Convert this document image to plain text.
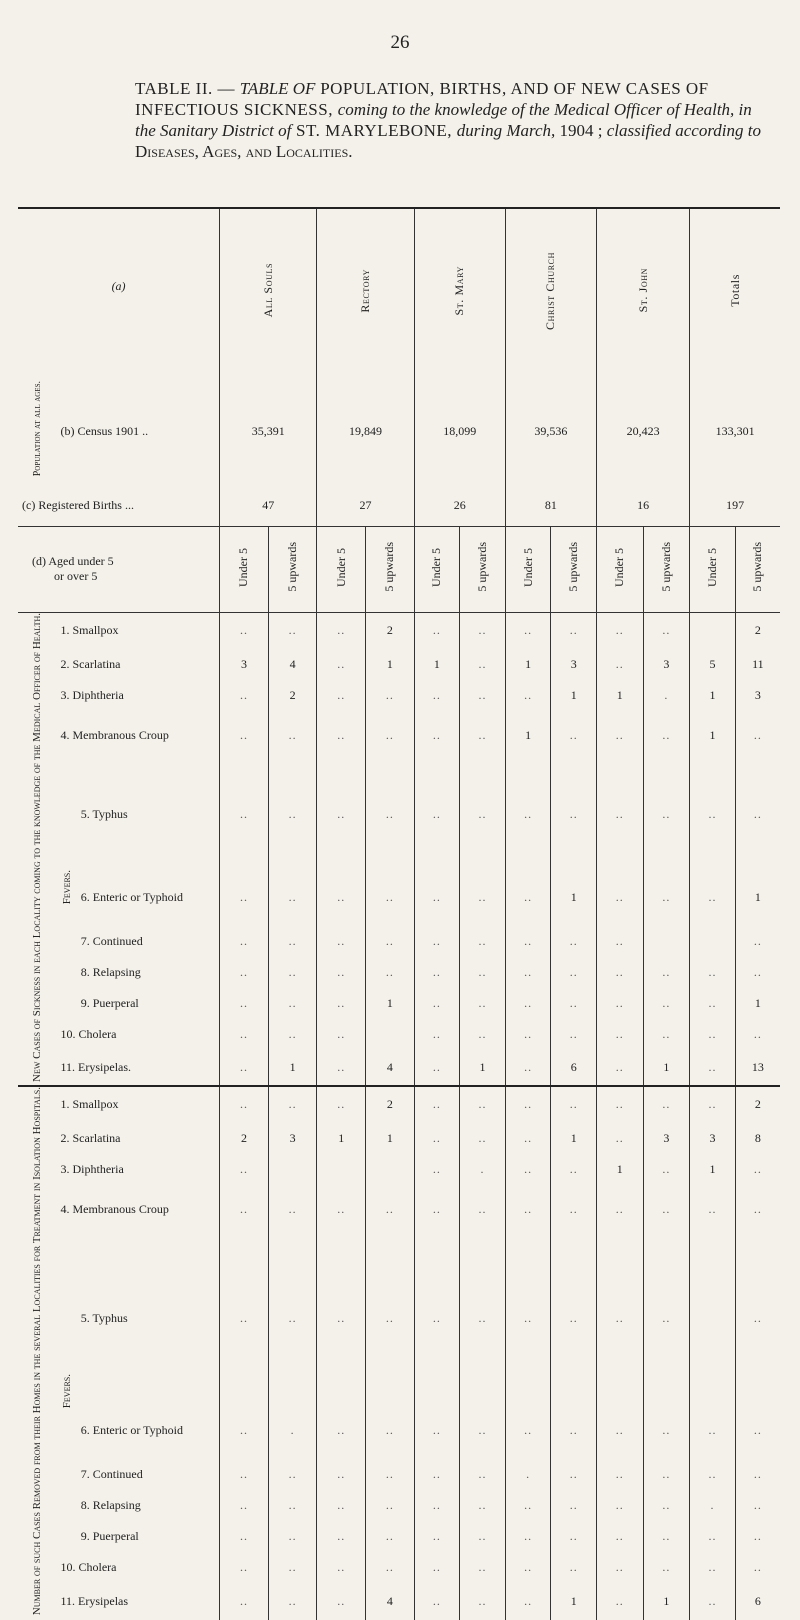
26
TABLE II. — TABLE OF POPULATION, BIRTHS, AND OF NEW CASES OF INFECTIOUS SICKNESS, coming to the knowledge of the Medical Officer of Health, in the Sanitary District of ST. MARYLEBONE, during March, 1904 ; classified according to Diseases, Ages, and Localities.
(a)			All Souls		Rectory		St. Mary		Christ Church		St. John		Totals	
Population at all ages.	(b) Census 1901 ..		35,391		19,849		18,099		39,536		20,423		133,301	
(c) Registered Births ...			47		27		26		81		16		197	

(d) Aged under 5
or over 5			Under 5	5 upwards	Under 5	5 upwards	Under 5	5 upwards	Under 5	5 upwards	Under 5	5 upwards	Under 5	5 upwards
New Cases of Sickness in each Locality coming to the knowledge of the Medical Officer of Health.	1. Smallpox		..	..	..	2	..	..	..	..	..	..		2
	2. Scarlatina		3	4	..	1	1	..	1	3	..	3	5	11
	3. Diphtheria		..	2	..	..	..	..	..	1	1	.	1	3
	4. Membranous Croup		..	..	..	..	..	..	1	..	..	..	1	..
	Fevers.	5. Typhus	..	..	..	..	..	..	..	..	..	..	..	..
		6. Enteric or Typhoid	..	..	..	..	..	..	..	1	..	..	..	1
		7. Continued	..	..	..	..	..	..	..	..	..			..
		8. Relapsing	..	..	..	..	..	..	..	..	..	..	..	..
		9. Puerperal	..	..	..	1	..	..	..	..	..	..	..	1
	10. Cholera		..	..	..		..	..	..	..	..	..	..	..
	11. Erysipelas.		..	1	..	4	..	1	..	6	..	1	..	13
Number of such Cases Removed from their Homes in the several Localities for Treatment in Isolation Hospitals.	1. Smallpox		..	..	..	2	..	..	..	..	..	..	..	2
	2. Scarlatina		2	3	1	1	..	..	..	1	..	3	3	8
	3. Diphtheria		..				..	.	..	..	1	..	1	..
	4. Membranous Croup		..	..	..	..	..	..	..	..	..	..	..	..
	Fevers.	5. Typhus	..	..	..	..	..	..	..	..	..	..		..
		6. Enteric or Typhoid	..	.	..	..	..	..	..	..	..	..	..	..
		7. Continued	..	..	..	..	..	..	.	..	..	..	..	..
		8. Relapsing	..	..	..	..	..	..	..	..	..	..	.	..
		9. Puerperal	..	..	..	..	..	..	..	..	..	..	..	..
	10. Cholera		..	..	..	..	..	..	..	..	..	..	..	..
	11. Erysipelas		..	..	..	4	..	..	..	1	..	1	..	6
